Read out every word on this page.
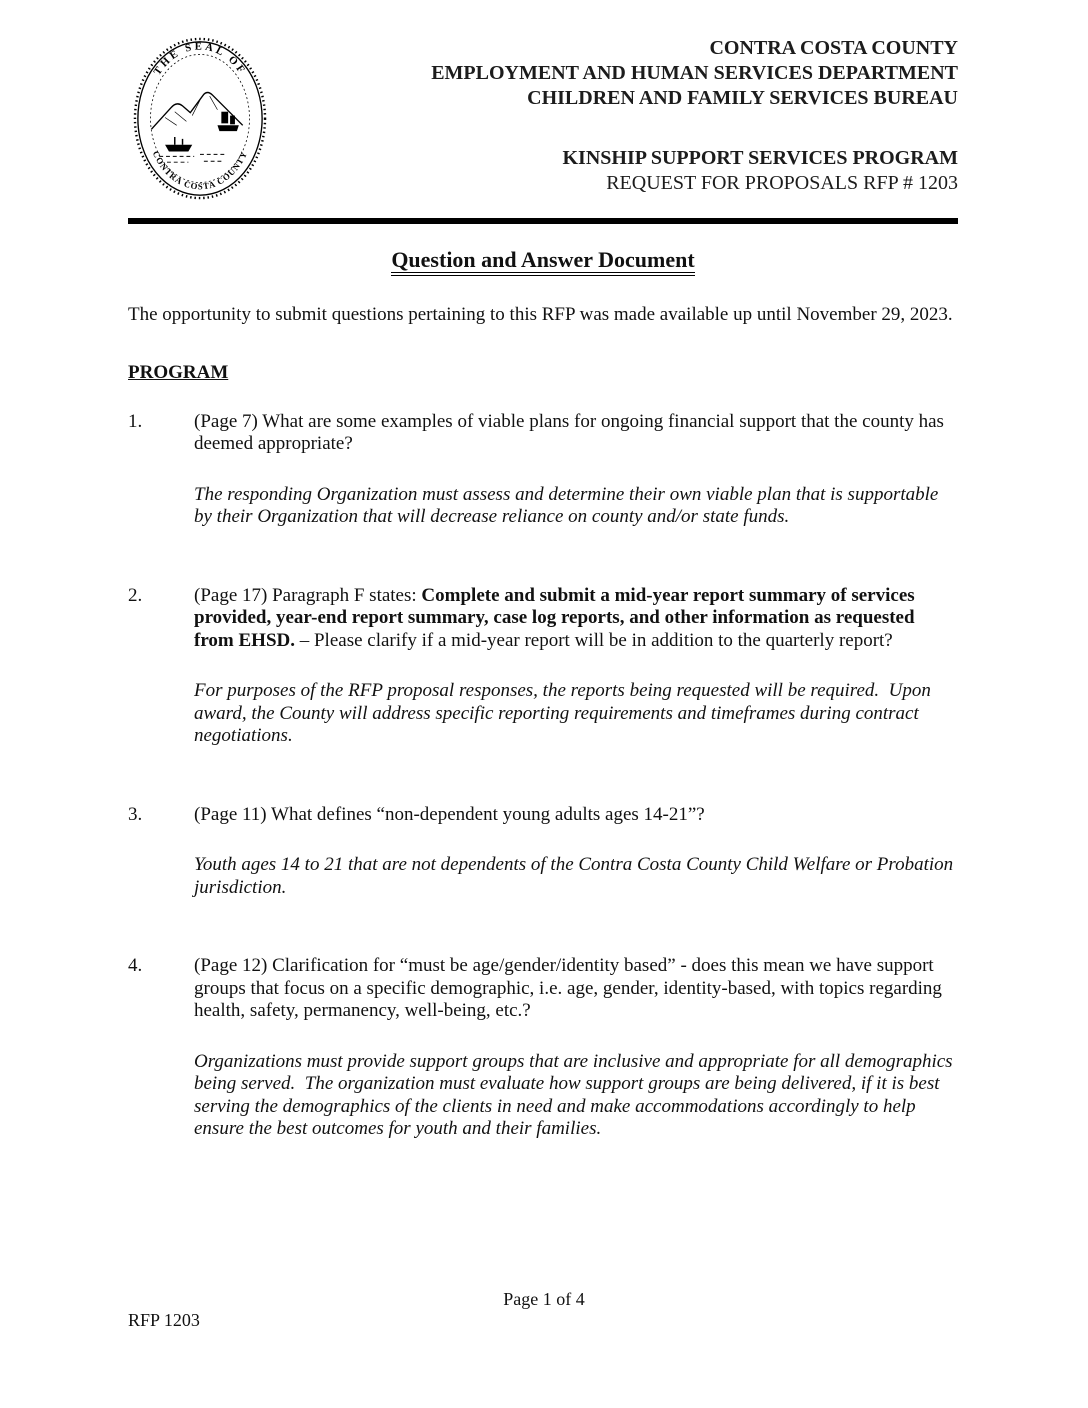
THE SEAL OF
CONTRA COSTA COUNTY
CONTRA COSTA COUNTY
EMPLOYMENT AND HUMAN SERVICES DEPARTMENT
CHILDREN AND FAMILY SERVICES BUREAU
KINSHIP SUPPORT SERVICES PROGRAM
REQUEST FOR PROPOSALS RFP # 1203
Question and Answer Document

The opportunity to submit questions pertaining to this RFP was made available up until November 29, 2023.

PROGRAM
1.	(Page 7) What are some examples of viable plans for ongoing financial support that the county has deemed appropriate?

The responding Organization must assess and determine their own viable plan that is supportable by their Organization that will decrease reliance on county and/or state funds.

2.	(Page 17) Paragraph F states: Complete and submit a mid-year report summary of services provided, year-end report summary, case log reports, and other information as requested from EHSD. – Please clarify if a mid-year report will be in addition to the quarterly report?

For purposes of the RFP proposal responses, the reports being requested will be required.  Upon award, the County will address specific reporting requirements and timeframes during contract negotiations.

3.	(Page 11) What defines “non-dependent young adults ages 14-21”?

Youth ages 14 to 21 that are not dependents of the Contra Costa County Child Welfare or Probation jurisdiction.

4.	(Page 12) Clarification for “must be age/gender/identity based” - does this mean we have support groups that focus on a specific demographic, i.e. age, gender, identity-based, with topics regarding health, safety, permanency, well-being, etc.?

Organizations must provide support groups that are inclusive and appropriate for all demographics being served.  The organization must evaluate how support groups are being delivered, if it is best serving the demographics of the clients in need and make accommodations accordingly to help ensure the best outcomes for youth and their families.

Page 1 of 4
RFP 1203
